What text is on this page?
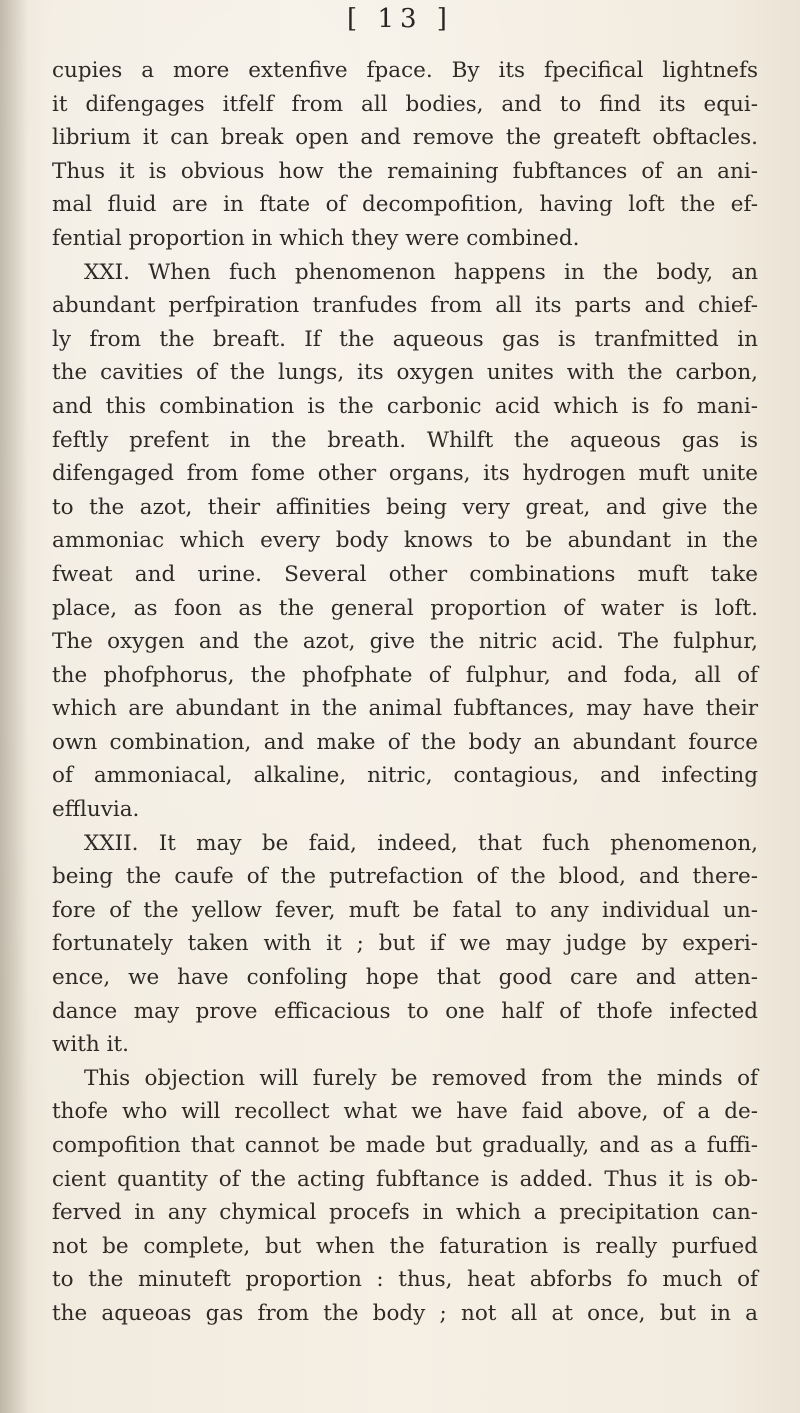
[ 13 ]
cupies a more extenfive fpace. By its fpecifical lightnefs
it difengages itfelf from all bodies, and to find its equi-
librium it can break open and remove the greateft obftacles.
Thus it is obvious how the remaining fubftances of an ani-
mal fluid are in ftate of decompofition, having loft the ef-
fential proportion in which they were combined.
XXI. When fuch phenomenon happens in the body, an
abundant perfpiration tranfudes from all its parts and chief-
ly from the breaft. If the aqueous gas is tranfmitted in
the cavities of the lungs, its oxygen unites with the carbon,
and this combination is the carbonic acid which is fo mani-
feftly prefent in the breath. Whilft the aqueous gas is
difengaged from fome other organs, its hydrogen muft unite
to the azot, their affinities being very great, and give the
ammoniac which every body knows to be abundant in the
fweat and urine. Several other combinations muft take
place, as foon as the general proportion of water is loft.
The oxygen and the azot, give the nitric acid. The fulphur,
the phofphorus, the phofphate of fulphur, and foda, all of
which are abundant in the animal fubftances, may have their
own combination, and make of the body an abundant fource
of ammoniacal, alkaline, nitric, contagious, and infecting
effluvia.
XXII. It may be faid, indeed, that fuch phenomenon,
being the caufe of the putrefaction of the blood, and there-
fore of the yellow fever, muft be fatal to any individual un-
fortunately taken with it ; but if we may judge by experi-
ence, we have confoling hope that good care and atten-
dance may prove efficacious to one half of thofe infected
with it.
This objection will furely be removed from the minds of
thofe who will recollect what we have faid above, of a de-
compofition that cannot be made but gradually, and as a fuffi-
cient quantity of the acting fubftance is added. Thus it is ob-
ferved in any chymical procefs in which a precipitation can-
not be complete, but when the faturation is really purfued
to the minuteft proportion : thus, heat abforbs fo much of
the aqueoas gas from the body ; not all at once, but in a
